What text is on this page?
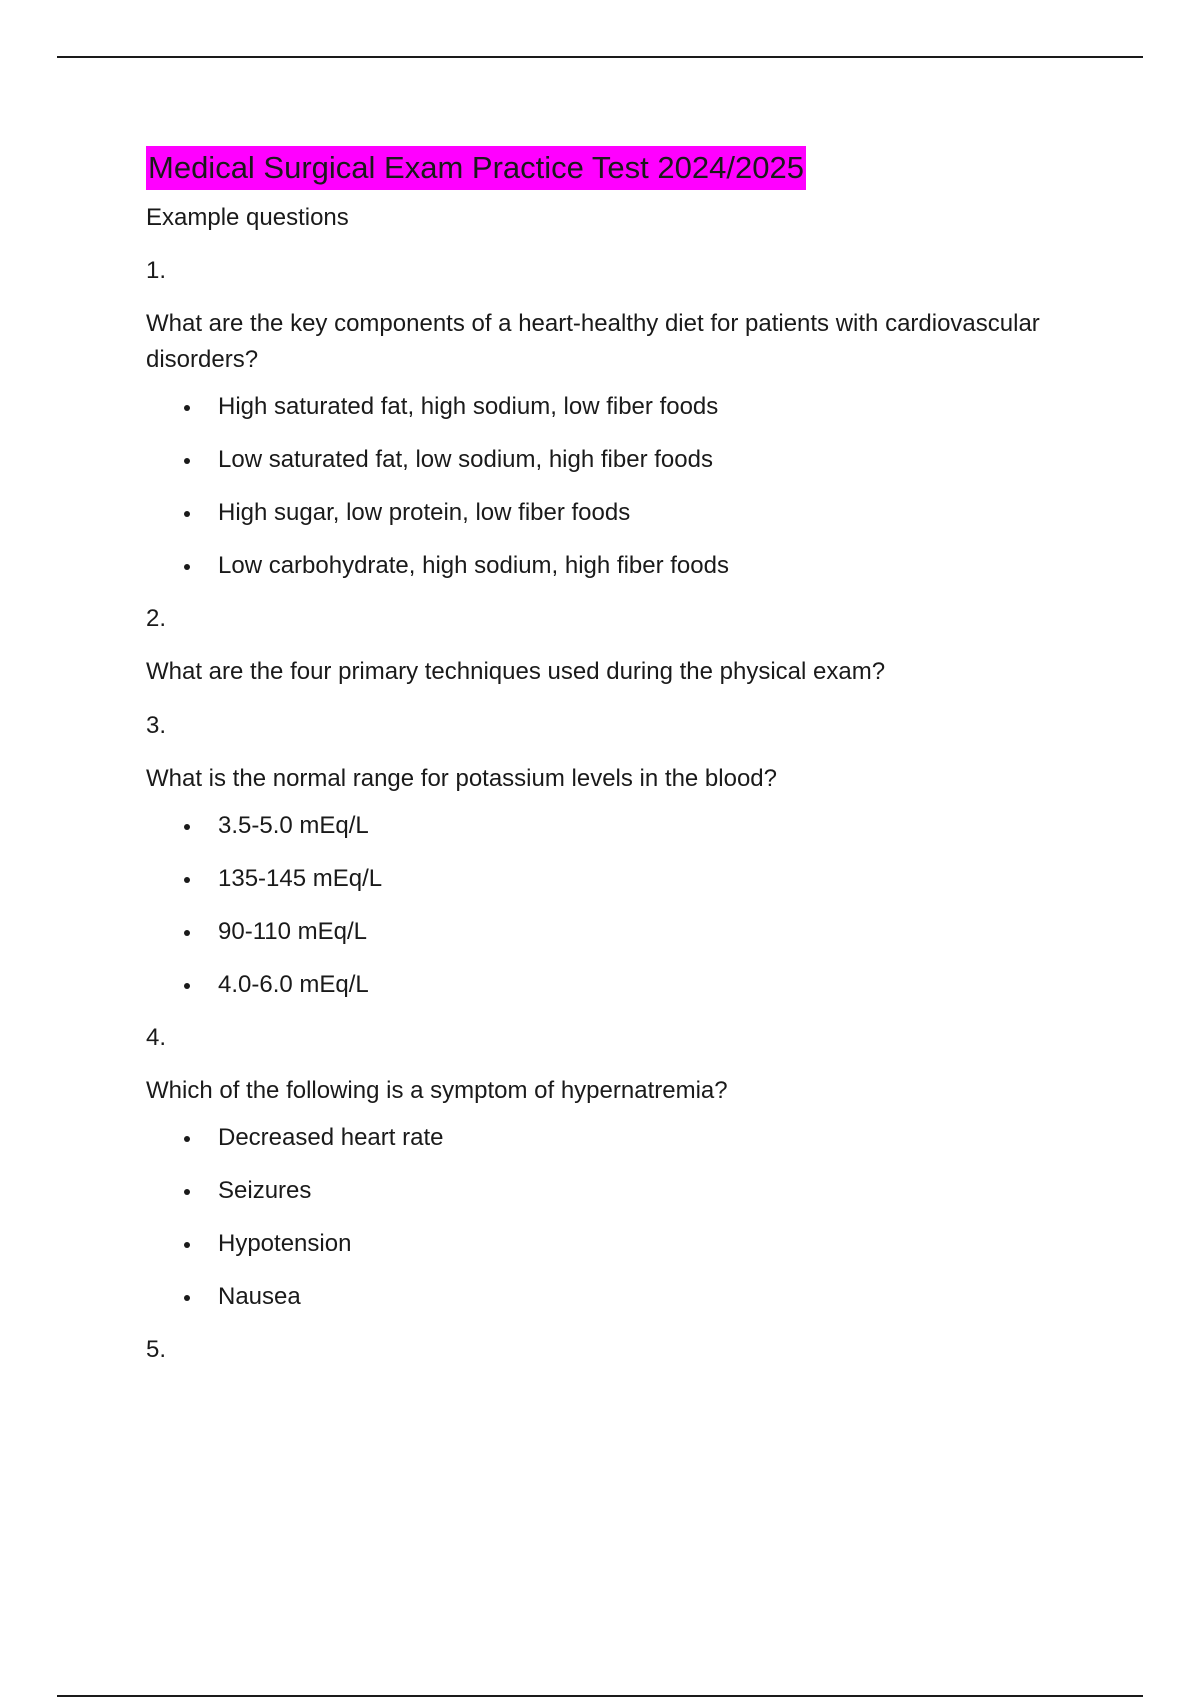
Medical Surgical Exam Practice Test 2024/2025
Example questions
1.
What are the key components of a heart-healthy diet for patients with cardiovascular disorders?
High saturated fat, high sodium, low fiber foods
Low saturated fat, low sodium, high fiber foods
High sugar, low protein, low fiber foods
Low carbohydrate, high sodium, high fiber foods
2.
What are the four primary techniques used during the physical exam?
3.
What is the normal range for potassium levels in the blood?
3.5-5.0 mEq/L
135-145 mEq/L
90-110 mEq/L
4.0-6.0 mEq/L
4.
Which of the following is a symptom of hypernatremia?
Decreased heart rate
Seizures
Hypotension
Nausea
5.
